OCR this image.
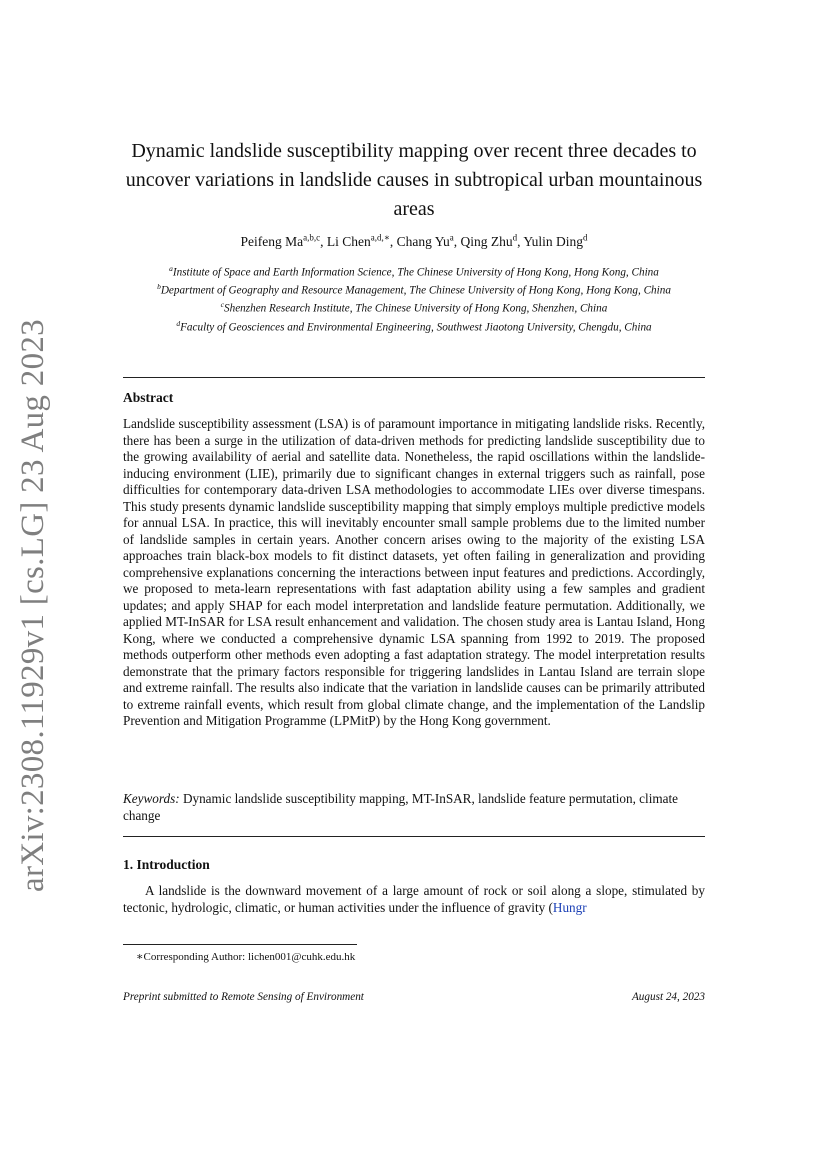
arXiv:2308.11929v1 [cs.LG] 23 Aug 2023
Dynamic landslide susceptibility mapping over recent three decades to uncover variations in landslide causes in subtropical urban mountainous areas
Peifeng Ma$^{a,b,c}$, Li Chen$^{a,d,∗}$, Chang Yu$^a$, Qing Zhu$^d$, Yulin Ding$^d$
$^a$Institute of Space and Earth Information Science, The Chinese University of Hong Kong, Hong Kong, China
$^b$Department of Geography and Resource Management, The Chinese University of Hong Kong, Hong Kong, China
$^c$Shenzhen Research Institute, The Chinese University of Hong Kong, Shenzhen, China
$^d$Faculty of Geosciences and Environmental Engineering, Southwest Jiaotong University, Chengdu, China
Abstract
Landslide susceptibility assessment (LSA) is of paramount importance in mitigating landslide risks. Recently, there has been a surge in the utilization of data-driven methods for predicting landslide susceptibility due to the growing availability of aerial and satellite data. Nonetheless, the rapid oscillations within the landslide-inducing environment (LIE), primarily due to significant changes in external triggers such as rainfall, pose difficulties for contemporary data-driven LSA methodologies to accommodate LIEs over diverse timespans. This study presents dynamic landslide susceptibility mapping that simply employs multiple predictive models for annual LSA. In practice, this will inevitably encounter small sample problems due to the limited number of landslide samples in certain years. Another concern arises owing to the majority of the existing LSA approaches train black-box models to fit distinct datasets, yet often failing in generalization and providing comprehensive explanations concerning the interactions between input features and predictions. Accordingly, we proposed to meta-learn representations with fast adaptation ability using a few samples and gradient updates; and apply SHAP for each model interpretation and landslide feature permutation. Additionally, we applied MT-InSAR for LSA result enhancement and validation. The chosen study area is Lantau Island, Hong Kong, where we conducted a comprehensive dynamic LSA spanning from 1992 to 2019. The proposed methods outperform other methods even adopting a fast adaptation strategy. The model interpretation results demonstrate that the primary factors responsible for triggering landslides in Lantau Island are terrain slope and extreme rainfall. The results also indicate that the variation in landslide causes can be primarily attributed to extreme rainfall events, which result from global climate change, and the implementation of the Landslip Prevention and Mitigation Programme (LPMitP) by the Hong Kong government.
Keywords: Dynamic landslide susceptibility mapping, MT-InSAR, landslide feature permutation, climate change
1. Introduction
A landslide is the downward movement of a large amount of rock or soil along a slope, stimulated by tectonic, hydrologic, climatic, or human activities under the influence of gravity (Hungr
∗Corresponding Author: lichen001@cuhk.edu.hk
Preprint submitted to Remote Sensing of Environment	August 24, 2023
